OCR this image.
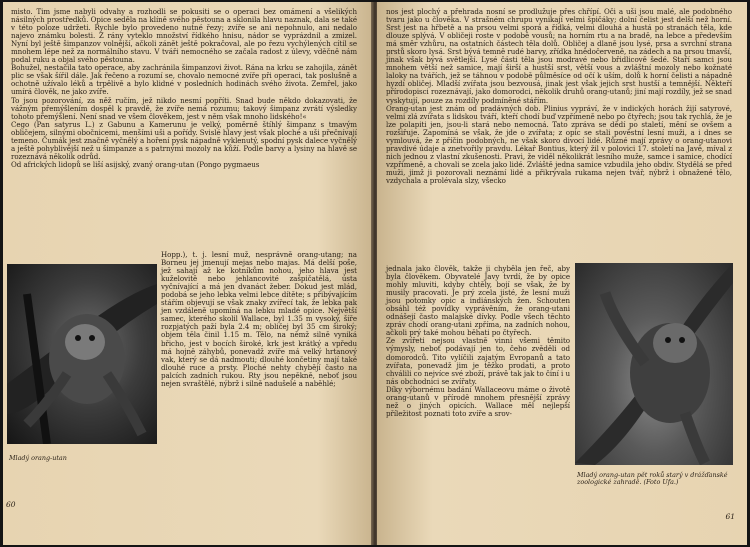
misto. Tim jsme nabyli odvahy a rozhodli se pokusiti se o operaci bez omámení a všelikých násilných prostředků. Opice seděla na klíně svého pěstouna a sklonila hlavu naznak, dala se také v této poloze udržeti. Rychle bylo provedeno nutné řezy; zvíře se ani nepohnulo, ani nedalo najevo známku bolesti. Z rány vyteklo množství řídkého hnisu, nádor se vyprázdnil a zmizel. Nyní byl ještě šimpanzov volnější, ačkoli zánět ještě pokračoval, ale po řezu vychýlených cítil se mnohem lépe než za normálního stavu. V tváři nemocného se začala radost z úlevy, vděčně nám podal ruku a objal svého pěstouna.

Bohužel, nestačila tato operace, aby zachránila šimpanzovi život. Rána na krku se zahojila, zánět plic se však šířil dále. Jak řečeno a rozumí se, chovalo nemocné zvíře při operaci, tak poslušně a ochotně užívalo léků a trpělivě a bylo klidné v posledních hodinách svého života. Zemřel, jako umírá člověk, ne jako zvíře.

To jsou pozorování, za něž ručím, jež nikdo nesmí popříti. Snad bude někdo dokazovati, že vážným přemýšlením dospěl k pravdě, že zvíře nemá rozumu; takový šimpanz zvrátí výsledky tohoto přemýšlení. Není snad ve všem člověkem, jest v něm však mnoho lidského!«

Cego (Pan satyrus L.) z Gabunu a Kamerunu je velký, poměrně štíhlý šimpanz s tmavým obličejem, silnými obočnicemi, menšími uši a pořídy. Svislé hlavy jest však ploché a uši přečnívají temeno. Čumák jest značně vyčnělý a hoření pysk nápadně vyklenutý, spodní pysk dalece vyčnělý a ještě pohyblivější než u šimpanze a s patrnými mozoly na kůží. Podle barvy a lysiny na hlavě se rozeznává několik odrůd.

Od afrických lidopů se liší asijský, zvaný orang-utan (Pongo pygmaeus

Hopp.), t. j. lesní muž, nesprávně orang-utang; na Borneu jej jmenují mejas nebo majas. Má delší poše, jež sahají až ke kotníkům nohou, jeho hlava jest kuželovitě nebo jehlancovité zašpičatělá, ústa vyčnívající a má jen dvanáct žeber. Dokud jest mlád, podobá se jeho lebka velmi lebce dítěte; s přibývajícím stářím objevují se však znaky zvířecí tak, že lebka pak jen vzdáleně upomíná na lebku mladé opice. Největší samec, kterého skolil Wallace, byl 1.35 m vysoký, šíře rozpjatých paží byla 2.4 m; obličej byl 35 cm široký; objem těla činil 1.15 m. Tělo, na němž silně vyniká břicho, jest v bocích široké, krk jest krátký a vpředu má hojně záhybů, ponevadž zvíře má velký hrtanový vak, který se dá nadmouti; dlouhé končetiny mají také dlouhé ruce a prsty. Ploché nehty chybějí často na palcích zadních rukou. Rty jsou nepěkně, neboť jsou nejen svraštělé, nýbrž i silně nadušelé a naběhlé;

Mladý orang-utan

60

nos jest plochý a přehrada nosní se prodlužuje přes chřípí. Oči a uši jsou malé, ale podobného tvaru jako u člověka. V strašném chrupu vynikají velmi špičáky; dolní čelist jest delší než horní. Srst jest na hřbetě a na prsou velmi sporá a řídká, velmi dlouhá a hustá po stranách těla, kde dlouze splývá. V obličeji roste v podobě vousů; na horním rtu a na bradě, na lebce a především má směr vzhůru, na ostatních částech těla dolů. Obličej a dlaně jsou lysé, prsa a svrchní strana prstů skoro lysá. Srst bývá temně rudé barvy, zřídka hnědočerveně, na zádech a na prsou tmavší, jinak však bývá světlejší. Lysé části těla jsou modravé nebo břidlicově šedé. Staří samci jsou mnohem větší než samice, mají širší a hustší srst, větší vous a zvláštní mozoly nebo kožnaté laloky na tvářích, jež se táhnou v podobě půlměsíce od očí k uším, dolů k horní čelisti a nápadně hyzdí obličej. Mladší zvířata jsou bezvousá, jinak jest však jejich srst hustší a temnější. Někteří přírodopisci rozeznávají, jako domorodci, několik druhů orang-utanů; jiní mají rozdíly, jež se snad vyskytují, pouze za rozdíly podmíněné stářím.

Orang-utan jest znám od pradávných dob. Plinius vypráví, že v indických horách žijí satyrové, velmi zlá zvířata s lidskou tváří, kteří chodí buď vzpřímeně nebo po čtyřech; jsou tak rychlá, že je lze polapiti jen, jsou-li stará nebo nemocná. Tato zpráva se dědí po staletí, mění se ovšem a rozšiřuje. Zapomíná se však, že jde o zvířata; z opic se stali pověstní lesní muži, a i dnes se vymlouvá, že z příčin podobných, ne však skoro divocí lidé. Různé mají zprávy o orang-utanovi pravdivé údaje a znetvořily pravdu. Lékař Bontius, který žil v polovici 17. století na Javě, míval z nich jednou z vlastní zkušenosti. Pravi, že viděl několikrát lesního muže, samce i samice, chodící vzpřímeně, a chovali se zcela jako lidé. Zvláště jedna samice vzbudila jeho obdiv. Stydělá se před muži, jimž ji pozorovali neznámí lidé a přikrývala rukama nejen tvář, nýbrž i obnažené tělo, vzdychala a prolévala slzy, všecko

jednala jako člověk, takže ji chyběla jen řeč, aby byla člověkem. Obyvatelé Javy tvrdí, že by opice mohly mluviti, kdyby chtěly, bojí se však, že by musily pracovati. Je prý zcela jisté, že lesní muži jsou potomky opic a indiánských žen. Schouten obsáhl též povídky vyprávěním, že orang-utani odnášejí často malajské dívky. Podle všech těchto zpráv chodí orang-utani zpříma, na zadních nohou, ačkoli prý také mohou běhati po čtyřech.

Ze zvířeti nejsou vlastně vinni všemi těmito výmysly, neboť podávají jen to, čeho zvěděli od domorodců. Tito vylíčili zajatým Evropanů a tato zvířata, ponevadž jim je těžko prodati, a proto chválili co nejvíce své zboží, právě tak jak to činí i u nás obchodnici se zvířaty.

Díky výbornému badání Wallaceovu máme o životě orang-utanů v přírodě mnohem přesnější zprávy než o jiných opicích. Wallace měl nejlepší příležitost poznati toto zvíře a srov-

Mladý orang-utan pět roků starý v drážďanské zoologické zahradě. (Foto Ufa.)

61
